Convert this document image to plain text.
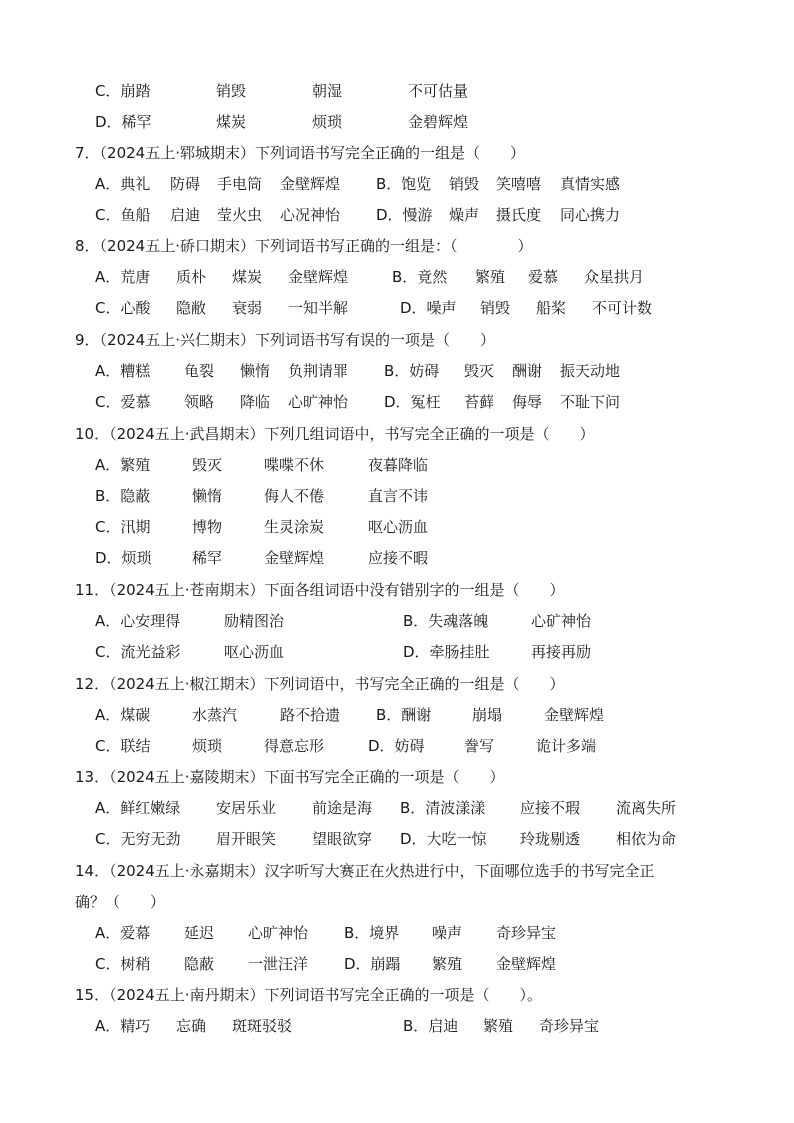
C．崩踏	销毁	朝湿	不可估量
D．稀罕	煤炭	烦琐	金碧辉煌
7．（2024五上·郓城期末）下列词语书写完全正确的一组是（　　）
A．典礼 防碍 手电筒 金壁辉煌 B．饱览 销毁 笑嘻嘻 真情实感
C．鱼船 启迪 莹火虫 心况神怡 D．慢游 燥声 摄氏度 同心携力
8．（2024五上·硚口期末）下列词语书写正确的一组是：（　　　　）
A．荒唐 质朴 煤炭 金壁辉煌	B．竟然 繁殖 爱慕 众星拱月
C．心酸 隐敝 衰弱 一知半解	D．噪声 销毁 船桨 不可计数
9．（2024五上·兴仁期末）下列词语书写有误的一项是（　　）
A．糟糕 龟裂 懒惰 负荆请罪 B．妨碍 毁灭 酬谢 振天动地
C．爱慕 领略 降临 心旷神怡 D．冤枉 苔藓 侮辱 不耻下问
10．（2024五上·武昌期末）下列几组词语中，书写完全正确的一项是（　　）
A．繁殖	毁灭	喋喋不休	夜暮降临
B．隐蔽	懒惰	侮人不倦	直言不讳
C．汛期	博物	生灵涂炭	呕心沥血
D．烦琐	稀罕	金壁辉煌	应接不暇
11．（2024五上·苍南期末）下面各组词语中没有错别字的一组是（　　）
A．心安理得	励精图治	B．失魂落魄	心矿神怡
C．流光益彩	呕心沥血	D．牵肠挂肚	再接再励
12．（2024五上·椒江期末）下列词语中，书写完全正确的一组是（　　）
A．煤碳	水蒸汽	路不拾遗 B．酬谢	崩塌	金壁辉煌
C．联结	烦琐	得意忘形	D．妨碍	誊写	诡计多端
13．（2024五上·嘉陵期末）下面书写完全正确的一项是（　　）
A．鲜红嫩绿 安居乐业 前途是海 B．清波漾漾 应接不瑕 流离失所
C．无穷无劲 眉开眼笑 望眼欲穿 D．大吃一惊 玲珑剔透 相依为命
14．（2024五上·永嘉期末）汉字听写大赛正在火热进行中，下面哪位选手的书写完全正
确？（　　）
A．爱幕 延迟 心旷神怡 B．境界 噪声 奇珍异宝
C．树稍 隐蔽 一泄汪洋 D．崩蹋 繁殖 金壁辉煌
15．（2024五上·南丹期末）下列词语书写完全正确的一项是（　　）。
A．精巧 忘确 斑斑驳驳	B．启迪 繁殖 奇珍异宝
